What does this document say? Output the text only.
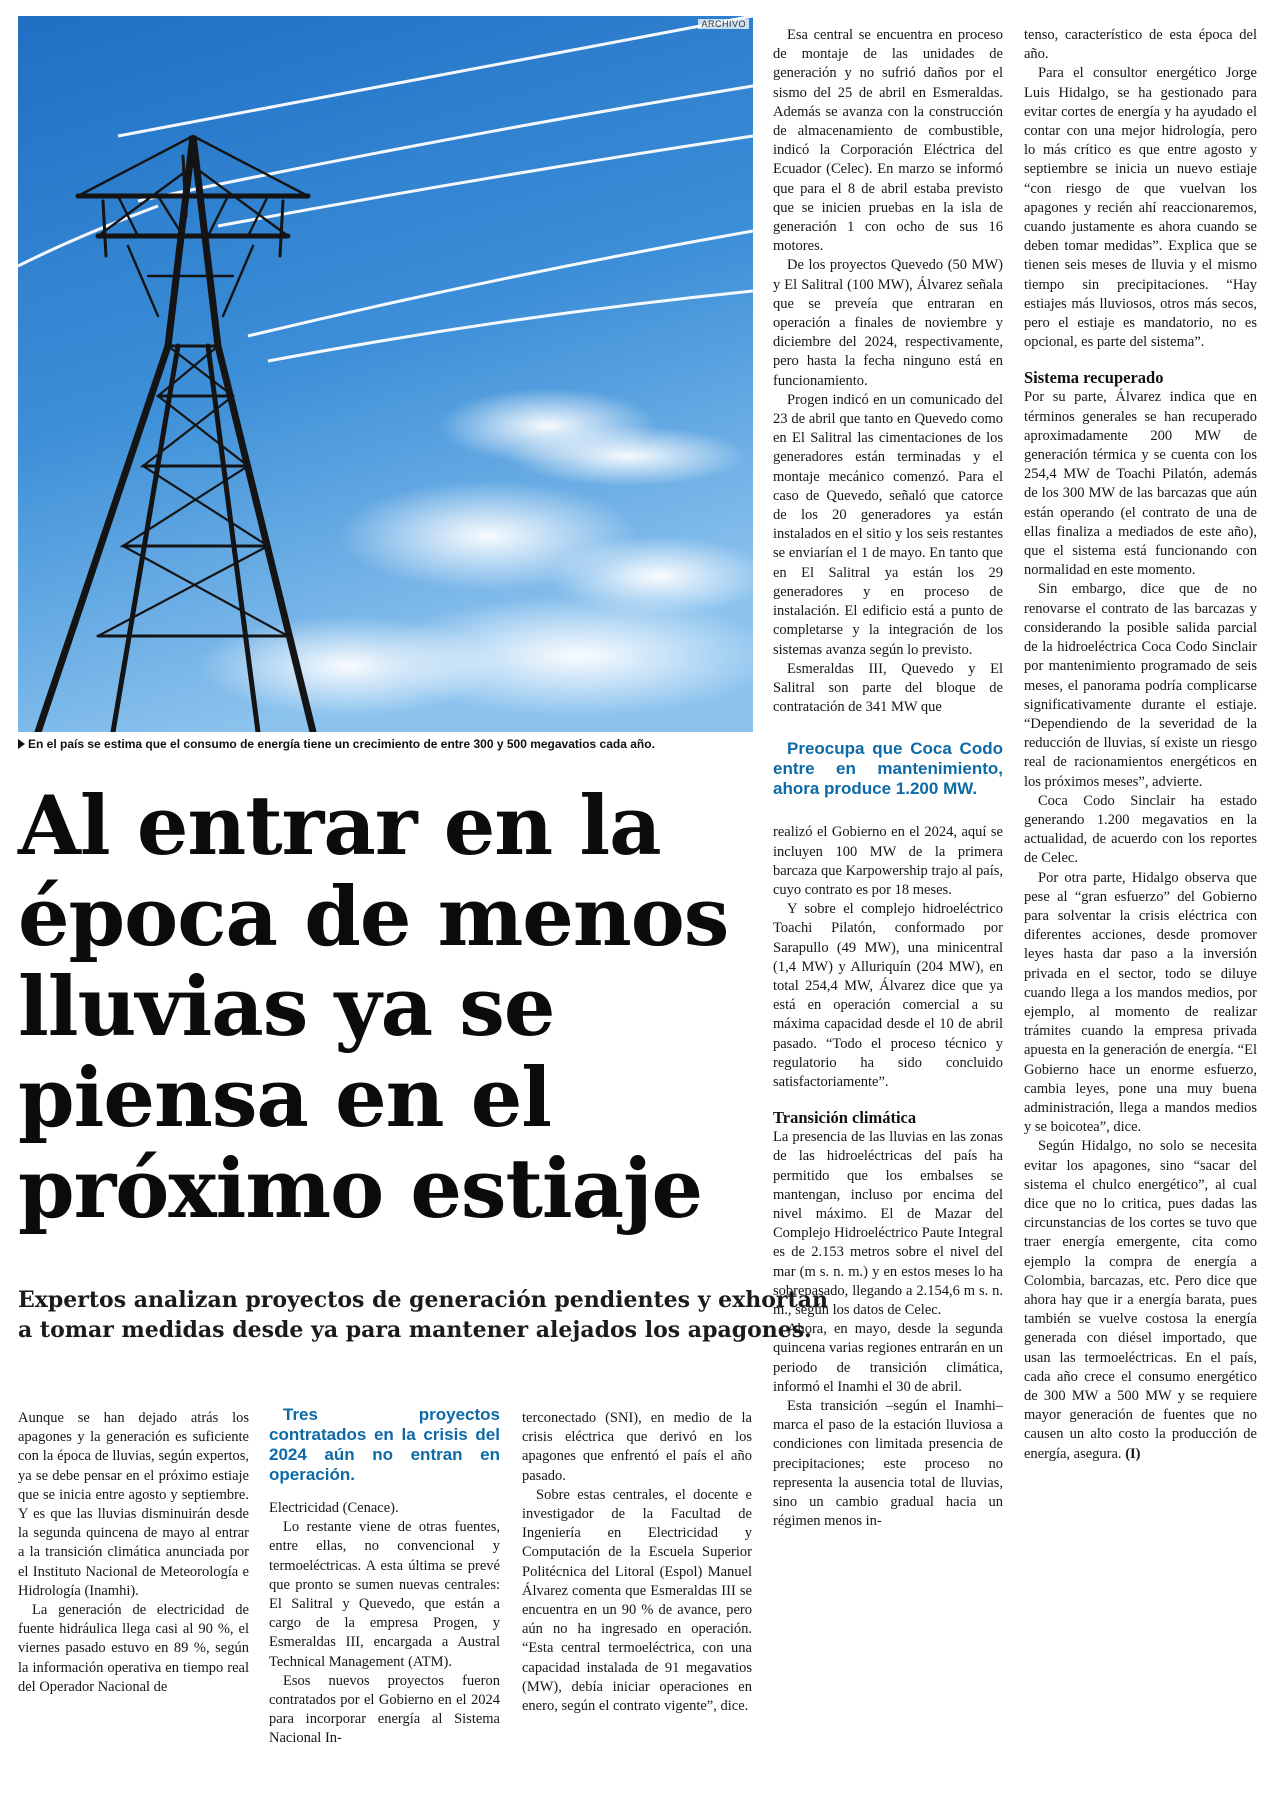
ARCHIVO
En el país se estima que el consumo de energía tiene un crecimiento de entre 300 y 500 megavatios cada año.
Al entrar en la
época de menos
lluvias ya se
piensa en el
próximo estiaje
Expertos analizan proyectos de generación pendientes y exhortan
a tomar medidas desde ya para mantener alejados los apagones.

Aunque se han dejado atrás los apagones y la generación es suficiente con la época de lluvias, según expertos, ya se debe pensar en el próximo estiaje que se inicia entre agosto y septiembre. Y es que las lluvias disminuirán desde la segunda quincena de mayo al entrar a la transición climática anunciada por el Instituto Nacional de Meteorología e Hidrología (Inamhi).

La generación de electricidad de fuente hidráulica llega casi al 90 %, el viernes pasado estuvo en 89 %, según la información operativa en tiempo real del Operador Nacional de

Tres proyectos contratados en la crisis del 2024 aún no entran en operación.

Electricidad (Cenace).

Lo restante viene de otras fuentes, entre ellas, no convencional y termoeléctricas. A esta última se prevé que pronto se sumen nuevas centrales: El Salitral y Quevedo, que están a cargo de la empresa Progen, y Esmeraldas III, encargada a Austral Technical Management (ATM).

Esos nuevos proyectos fueron contratados por el Gobierno en el 2024 para incorporar energía al Sistema Nacional In-

terconectado (SNI), en medio de la crisis eléctrica que derivó en los apagones que enfrentó el país el año pasado.

Sobre estas centrales, el docente e investigador de la Facultad de Ingeniería en Electricidad y Computación de la Escuela Superior Politécnica del Litoral (Espol) Manuel Álvarez comenta que Esmeraldas III se encuentra en un 90 % de avance, pero aún no ha ingresado en operación. “Esta central termoeléctrica, con una capacidad instalada de 91 megavatios (MW), debía iniciar operaciones en enero, según el contrato vigente”, dice.

Esa central se encuentra en proceso de montaje de las unidades de generación y no sufrió daños por el sismo del 25 de abril en Esmeraldas. Además se avanza con la construcción de almacenamiento de combustible, indicó la Corporación Eléctrica del Ecuador (Celec). En marzo se informó que para el 8 de abril estaba previsto que se inicien pruebas en la isla de generación 1 con ocho de sus 16 motores.

De los proyectos Quevedo (50 MW) y El Salitral (100 MW), Álvarez señala que se preveía que entraran en operación a finales de noviembre y diciembre del 2024, respectivamente, pero hasta la fecha ninguno está en funcionamiento.

Progen indicó en un comunicado del 23 de abril que tanto en Quevedo como en El Salitral las cimentaciones de los generadores están terminadas y el montaje mecánico comenzó. Para el caso de Quevedo, señaló que catorce de los 20 generadores ya están instalados en el sitio y los seis restantes se enviarían el 1 de mayo. En tanto que en El Salitral ya están los 29 generadores y en proceso de instalación. El edificio está a punto de completarse y la integración de los sistemas avanza según lo previsto.

Esmeraldas III, Quevedo y El Salitral son parte del bloque de contratación de 341 MW que

Preocupa que Coca Codo entre en mantenimiento, ahora produce 1.200 MW.

realizó el Gobierno en el 2024, aquí se incluyen 100 MW de la primera barcaza que Karpowership trajo al país, cuyo contrato es por 18 meses.

Y sobre el complejo hidroeléctrico Toachi Pilatón, conformado por Sarapullo (49 MW), una minicentral (1,4 MW) y Alluriquín (204 MW), en total 254,4 MW, Álvarez dice que ya está en operación comercial a su máxima capacidad desde el 10 de abril pasado. “Todo el proceso técnico y regulatorio ha sido concluido satisfactoriamente”.

Transición climática

La presencia de las lluvias en las zonas de las hidroeléctricas del país ha permitido que los embalses se mantengan, incluso por encima del nivel máximo. El de Mazar del Complejo Hidroeléctrico Paute Integral es de 2.153 metros sobre el nivel del mar (m s. n. m.) y en estos meses lo ha sobrepasado, llegando a 2.154,6 m s. n. m., según los datos de Celec.

Ahora, en mayo, desde la segunda quincena varias regiones entrarán en un periodo de transición climática, informó el Inamhi el 30 de abril.

Esta transición –según el Inamhi– marca el paso de la estación lluviosa a condiciones con limitada presencia de precipitaciones; este proceso no representa la ausencia total de lluvias, sino un cambio gradual hacia un régimen menos in-

tenso, característico de esta época del año.

Para el consultor energético Jorge Luis Hidalgo, se ha gestionado para evitar cortes de energía y ha ayudado el contar con una mejor hidrología, pero lo más crítico es que entre agosto y septiembre se inicia un nuevo estiaje “con riesgo de que vuelvan los apagones y recién ahí reaccionaremos, cuando justamente es ahora cuando se deben tomar medidas”. Explica que se tienen seis meses de lluvia y el mismo tiempo sin precipitaciones. “Hay estiajes más lluviosos, otros más secos, pero el estiaje es mandatorio, no es opcional, es parte del sistema”.

Sistema recuperado

Por su parte, Álvarez indica que en términos generales se han recuperado aproximadamente 200 MW de generación térmica y se cuenta con los 254,4 MW de Toachi Pilatón, además de los 300 MW de las barcazas que aún están operando (el contrato de una de ellas finaliza a mediados de este año), que el sistema está funcionando con normalidad en este momento.

Sin embargo, dice que de no renovarse el contrato de las barcazas y considerando la posible salida parcial de la hidroeléctrica Coca Codo Sinclair por mantenimiento programado de seis meses, el panorama podría complicarse significativamente durante el estiaje. “Dependiendo de la severidad de la reducción de lluvias, sí existe un riesgo real de racionamientos energéticos en los próximos meses”, advierte.

Coca Codo Sinclair ha estado generando 1.200 megavatios en la actualidad, de acuerdo con los reportes de Celec.

Por otra parte, Hidalgo observa que pese al “gran esfuerzo” del Gobierno para solventar la crisis eléctrica con diferentes acciones, desde promover leyes hasta dar paso a la inversión privada en el sector, todo se diluye cuando llega a los mandos medios, por ejemplo, al momento de realizar trámites cuando la empresa privada apuesta en la generación de energía. “El Gobierno hace un enorme esfuerzo, cambia leyes, pone una muy buena administración, llega a mandos medios y se boicotea”, dice.

Según Hidalgo, no solo se necesita evitar los apagones, sino “sacar del sistema el chulco energético”, al cual dice que no lo critica, pues dadas las circunstancias de los cortes se tuvo que traer energía emergente, cita como ejemplo la compra de energía a Colombia, barcazas, etc. Pero dice que ahora hay que ir a energía barata, pues también se vuelve costosa la energía generada con diésel importado, que usan las termoeléctricas. En el país, cada año crece el consumo energético de 300 MW a 500 MW y se requiere mayor generación de fuentes que no causen un alto costo la producción de energía, asegura. (I)
